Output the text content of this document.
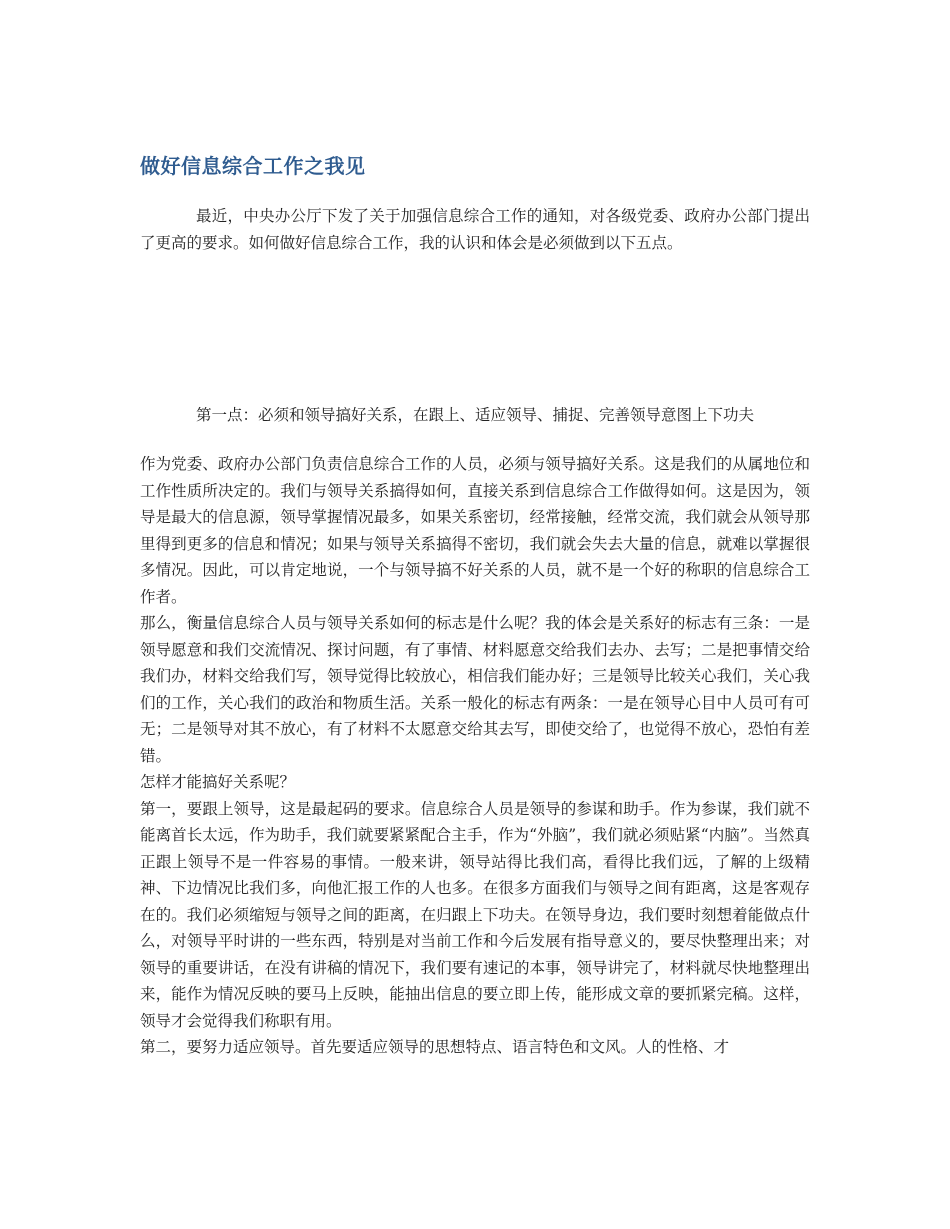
做好信息综合工作之我见

最近，中央办公厅下发了关于加强信息综合工作的通知，对各级党委、政府办公部门提出了更高的要求。如何做好信息综合工作，我的认识和体会是必须做到以下五点。

第一点：必须和领导搞好关系，在跟上、适应领导、捕捉、完善领导意图上下功夫

作为党委、政府办公部门负责信息综合工作的人员，必须与领导搞好关系。这是我们的从属地位和工作性质所决定的。我们与领导关系搞得如何，直接关系到信息综合工作做得如何。这是因为，领导是最大的信息源，领导掌握情况最多，如果关系密切，经常接触，经常交流，我们就会从领导那里得到更多的信息和情况；如果与领导关系搞得不密切，我们就会失去大量的信息，就难以掌握很多情况。因此，可以肯定地说，一个与领导搞不好关系的人员，就不是一个好的称职的信息综合工作者。

那么，衡量信息综合人员与领导关系如何的标志是什么呢？我的体会是关系好的标志有三条：一是领导愿意和我们交流情况、探讨问题，有了事情、材料愿意交给我们去办、去写；二是把事情交给我们办，材料交给我们写，领导觉得比较放心，相信我们能办好；三是领导比较关心我们，关心我们的工作，关心我们的政治和物质生活。关系一般化的标志有两条：一是在领导心目中人员可有可无；二是领导对其不放心，有了材料不太愿意交给其去写，即使交给了，也觉得不放心，恐怕有差错。

怎样才能搞好关系呢？

第一，要跟上领导，这是最起码的要求。信息综合人员是领导的参谋和助手。作为参谋，我们就不能离首长太远，作为助手，我们就要紧紧配合主手，作为“外脑”，我们就必须贴紧“内脑”。当然真正跟上领导不是一件容易的事情。一般来讲，领导站得比我们高，看得比我们远，了解的上级精神、下边情况比我们多，向他汇报工作的人也多。在很多方面我们与领导之间有距离，这是客观存在的。我们必须缩短与领导之间的距离，在归跟上下功夫。在领导身边，我们要时刻想着能做点什么，对领导平时讲的一些东西，特别是对当前工作和今后发展有指导意义的，要尽快整理出来；对领导的重要讲话，在没有讲稿的情况下，我们要有速记的本事，领导讲完了，材料就尽快地整理出来，能作为情况反映的要马上反映，能抽出信息的要立即上传，能形成文章的要抓紧完稿。这样，领导才会觉得我们称职有用。

第二，要努力适应领导。首先要适应领导的思想特点、语言特色和文风。人的性格、才
